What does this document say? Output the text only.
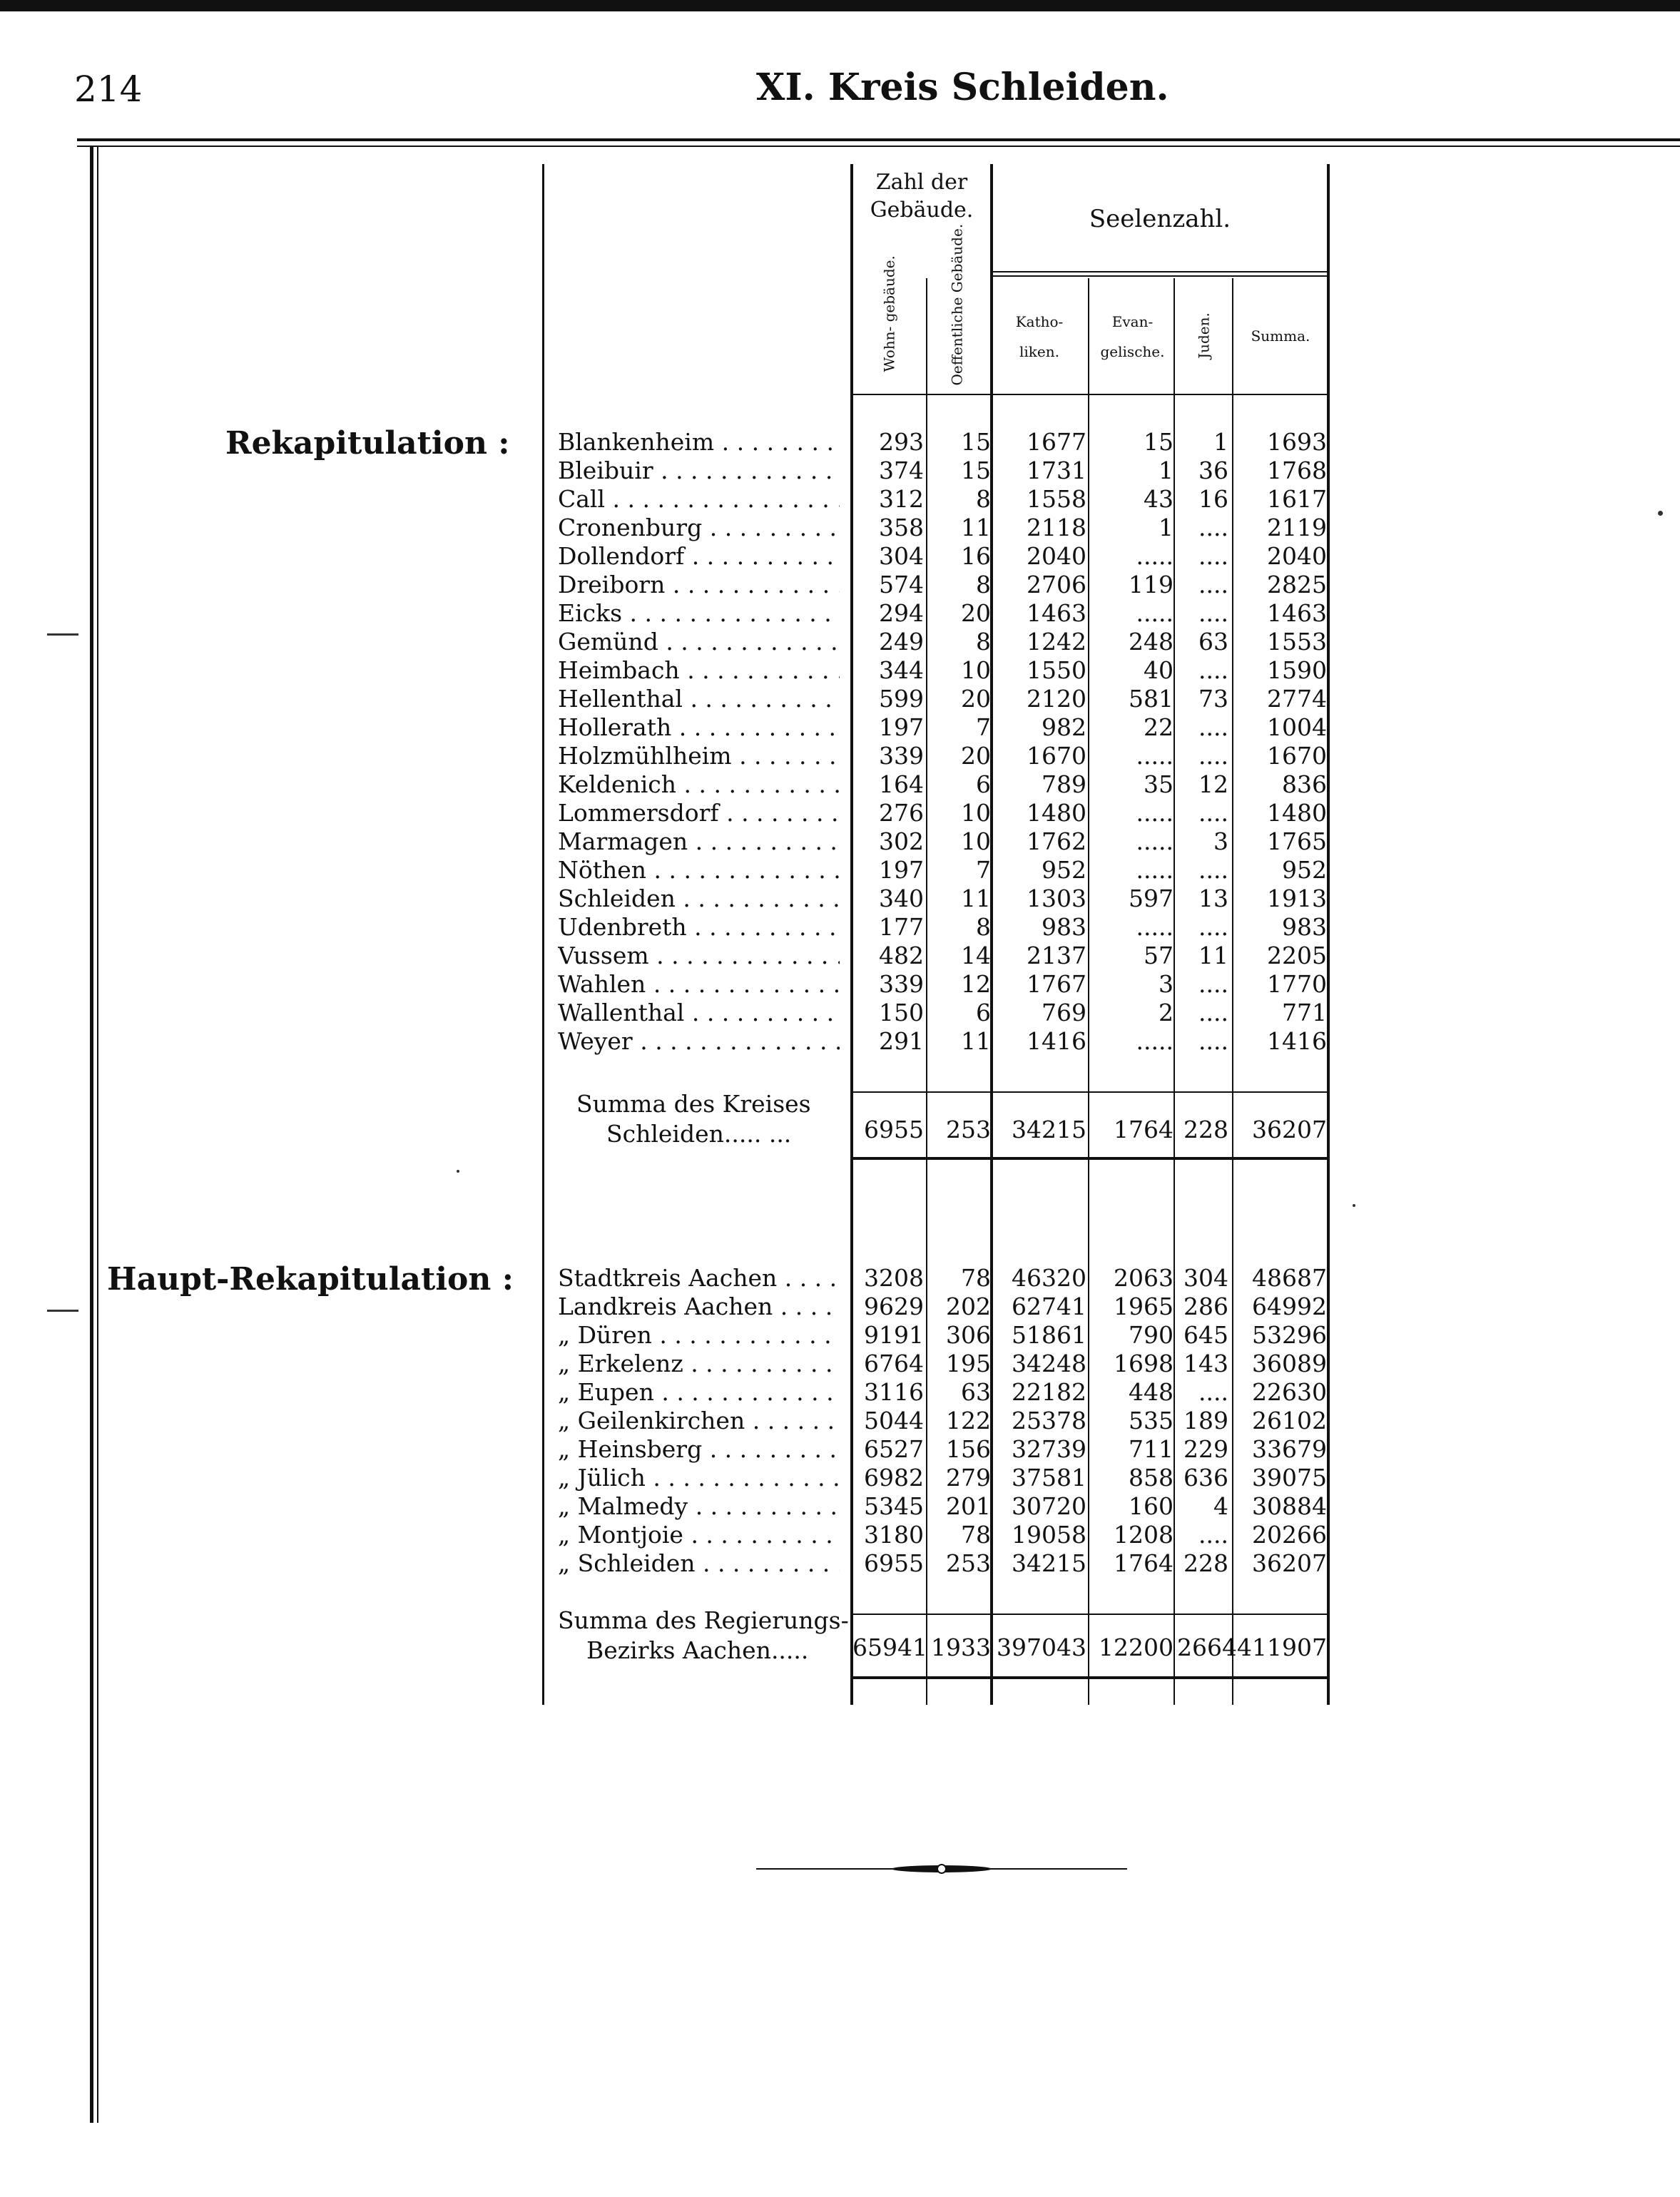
214	XI. Kreis Schleiden.
Zahl der Gebäude.	Seelenzahl.
Wohn- gebäude.	Oeffentliche Gebäude.	Katho- liken.
Evan- gelische.	Juden.	Summa.
Rekapitulation : Blankenheim . . .	293	15	1677	15	1	1693
Bleibuir . . .	374	15	1731	1	36	1768
Call . . .	312	8	1558	43	16	1617
Cronenburg . . .	358	11	2118	1	....	2119
Dollendorf . . .	304	16	2040	.....	....	2040
Dreiborn . . .	574	8	2706	119	....	2825
Eicks . . .	294	20	1463	.....	....	1463
Gemünd . . .	249	8	1242	248	63	1553
Heimbach . . .	344	10	1550	40	....	1590
Hellenthal . . .	599	20	2120	581	73	2774
Hollerath . . .	197	7	982	22	....	1004
Holzmühlheim . . .	339	20	1670	.....	....	1670
Keldenich . . .	164	6	789	35	12	836
Lommersdorf . . .	276	10	1480	.....	....	1480
Marmagen . . .	302	10	1762	.....	3	1765
Nöthen . . .	197	7	952	.....	....	952
Schleiden . . .	340	11	1303	597	13	1913
Udenbreth . . .	177	8	983	.....	....	983
Vussem . . .	482	14	2137	57	11	2205
Wahlen . . .	339	12	1767	3	....	1770
Wallenthal . . .	150	6	769	2	....	771
Weyer . . .	291	11	1416	.....	....	1416
Summa des Kreises
Schleiden..... ...	6955 253 34215	1764 228	36207
Haupt-Rekapitulation : Stadtkreis Aachen . . .	3208	78 46320	2063 304	48687
Landkreis Aachen . . .	9629 202 62741	1965 286	64992
„ Düren . . .	9191 306 51861	790 645	53296
„ Erkelenz . . .	6764 195 34248	1698 143	36089
„ Eupen . . .	3116	63 22182	448	....	22630
„ Geilenkirchen . . .	5044 122 25378	535 189	26102
„ Heinsberg . . .	6527 156 32739	711 229	33679
„ Jülich . . .	6982 279 37581	858 636	39075
„ Malmedy . . .	5345 201 30720	160	4	30884
„ Montjoie . . .	3180	78 19058	1208	....	20266
„ Schleiden . . .	6955 253 34215	1764 228	36207
Summa des Regierungs-
Bezirks Aachen..... 65941 1933 397043 12200 2664 411907
